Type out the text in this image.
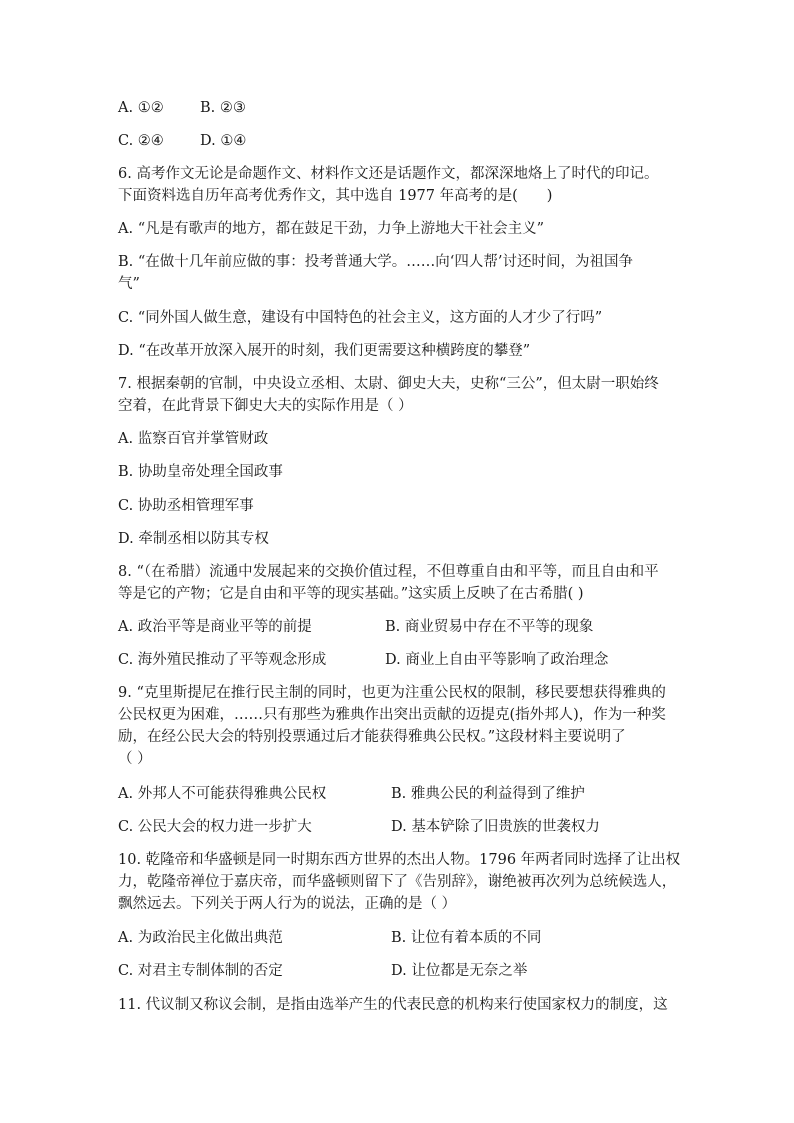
A. ①②	B. ②③
C. ②④ D. ①④
6. 高考作文无论是命题作文、材料作文还是话题作文，都深深地烙上了时代的印记。
下面资料选自历年高考优秀作文，其中选自 1977 年高考的是(　　)
A. “凡是有歌声的地方，都在鼓足干劲，力争上游地大干社会主义”
B. “在做十几年前应做的事：投考普通大学。……向‘四人帮’讨还时间，为祖国争
气”
C. “同外国人做生意，建设有中国特色的社会主义，这方面的人才少了行吗”
D. “在改革开放深入展开的时刻，我们更需要这种横跨度的攀登”
7. 根据秦朝的官制，中央设立丞相、太尉、御史大夫，史称“三公”，但太尉一职始终
空着，在此背景下御史大夫的实际作用是（ ）
A. 监察百官并掌管财政
B. 协助皇帝处理全国政事
C. 协助丞相管理军事
D. 牵制丞相以防其专权
8. “（在希腊）流通中发展起来的交换价值过程，不但尊重自由和平等，而且自由和平
等是它的产物；它是自由和平等的现实基础。”这实质上反映了在古希腊( )
A. 政治平等是商业平等的前提	B. 商业贸易中存在不平等的现象
C. 海外殖民推动了平等观念形成	D. 商业上自由平等影响了政治理念
9. “克里斯提尼在推行民主制的同时，也更为注重公民权的限制，移民要想获得雅典的
公民权更为困难，……只有那些为雅典作出突出贡献的迈提克(指外邦人)，作为一种奖
励，在经公民大会的特别投票通过后才能获得雅典公民权。”这段材料主要说明了
（ ）
A. 外邦人不可能获得雅典公民权	B. 雅典公民的利益得到了维护
C. 公民大会的权力进一步扩大	D. 基本铲除了旧贵族的世袭权力
10. 乾隆帝和华盛顿是同一时期东西方世界的杰出人物。1796 年两者同时选择了让出权
力，乾隆帝禅位于嘉庆帝，而华盛顿则留下了《告别辞》，谢绝被再次列为总统候选人，
飘然远去。下列关于两人行为的说法，正确的是（ ）
A. 为政治民主化做出典范	B. 让位有着本质的不同
C. 对君主专制体制的否定	D. 让位都是无奈之举
11. 代议制又称议会制，是指由选举产生的代表民意的机构来行使国家权力的制度，这
